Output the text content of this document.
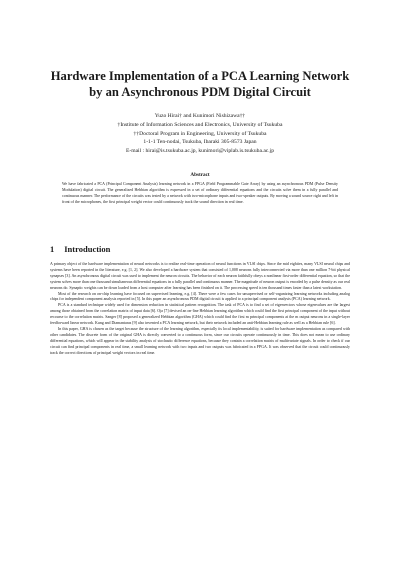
Hardware Implementation of a PCA Learning Network
by an Asynchronous PDM Digital Circuit
Yuzo Hirai† and Kunimori Nishizawa††
†Institute of Information Sciences and Electronics, University of Tsukuba
††Doctoral Program in Engineering, University of Tsukuba
1-1-1 Ten-nodai, Tsukuba, Ibaraki 305-8573 Japan
E-mail : hirai@is.tsukuba.ac.jp, kunimori@viplab.is.tsukuba.ac.jp
Abstract
We have fabricated a PCA (Principal Component Analysis) learning network in a FPGA (Field Programmable Gate Array) by using an asynchronous PDM (Pulse Density Modulation) digital circuit. The generalized Hebbian algorithm is expressed in a set of ordinary differential equations and the circuits solve them in a fully parallel and continuous manner. The performance of the circuits was tested by a network with two-microphone inputs and two-speaker outputs. By moving a sound source right and left in front of the microphones, the first principal weight vector could continuously track the sound direction in real time.
1 Introduction

A primary object of the hardware implementation of neural networks is to realize real-time operation of neural functions in VLSI chips. Since the mid eighties, many VLSI neural chips and systems have been reported in the literature, e.g. [1, 2]. We also developed a hardware system that consisted of 1,008 neurons fully interconnected via more than one million 7-bit physical synapses [3]. An asynchronous digital circuit was used to implement the neuron circuits. The behavior of each neuron faithfully obeys a nonlinear first-order differential equation, so that the system solves more than one thousand simultaneous differential equations in a fully parallel and continuous manner. The magnitude of neuron output is encoded by a pulse density as our real neurons do. Synaptic weights can be down loaded from a host computer after learning has been finished on it. The processing speed is ten thousand times faster than a latest workstation.

Most of the research on on-chip learning have focused on supervised learning, e.g. [4]. There were a few cases for unsupervised or self-organizing learning networks including analog chips for independent component analysis reported in [5]. In this paper an asynchronous PDM digital circuit is applied to a principal component analysis (PCA) learning network.

PCA is a standard technique widely used for dimension reduction in statistical pattern recognition. The task of PCA is to find a set of eigenvectors whose eigenvalues are the largest among those obtained from the correlation matrix of input data [6]. Oja [7] devised an on-line Hebbian learning algorithm which could find the first principal component of the input without recourse to the correlation matrix. Sanger [8] proposed a generalized Hebbian algorithm (GHA) which could find the first m principal components at the m output neurons in a single-layer feedforward linear network. Kung and Diamantaras [9] also invented a PCA learning network, but their network included an anti-Hebbian learning rule as well as a Hebbian rule [6].

In this paper, GHA is chosen as the target because the structure of the learning algorithm, especially its local implementability, is suited for hardware implementation as compared with other candidates. The discrete form of the original GHA is directly converted to a continuous form, since our circuits operate continuously in time. This does not mean to use ordinary differential equations, which will appear in the stability analysis of stochastic difference equations, because they contain a correlation matrix of multivariate signals. In order to check if our circuit can find principal components in real time, a small learning network with two inputs and two outputs was fabricated in a FPGA. It was observed that the circuit could continuously track the correct directions of principal weight vectors in real time.
